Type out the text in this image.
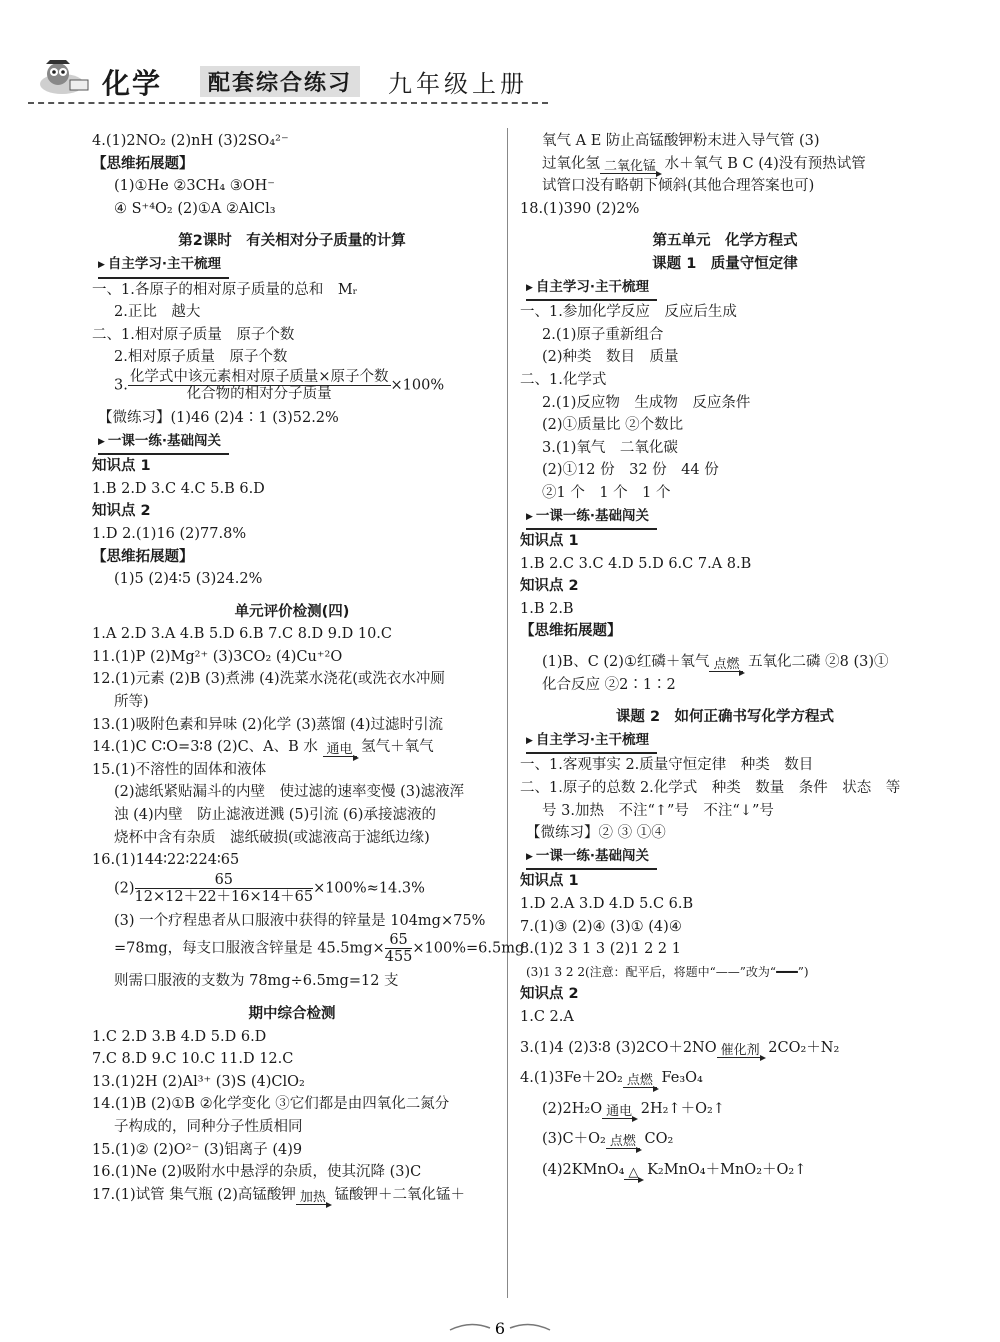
化学	配套综合练习	九年级上册
4.(1)2NO₂ (2)nH (3)2SO₄²⁻
【思维拓展题】
(1)①He ②3CH₄ ③OH⁻
④ S⁺⁴O₂ (2)①A ②AlCl₃
第2课时　有关相对分子质量的计算
▶ 自主学习·主干梳理
一、1.各原子的相对原子质量的总和　Mᵣ
2.正比　越大
二、1.相对原子质量　原子个数
2.相对原子质量　原子个数
3. $\frac{\text{化学式中该元素相对原子质量×原子个数}}{\text{化合物的相对分子质量}} \times 100\%$
【微练习】(1)46 (2)4∶1 (3)52.2%
▶ 一课一练·基础闯关
知识点 1
1.B 2.D 3.C 4.C 5.B 6.D
知识点 2
1.D 2.(1)16 (2)77.8%
【思维拓展题】
(1)5 (2)4∶5 (3)24.2%
单元评价检测(四)
1.A 2.D 3.A 4.B 5.D 6.B 7.C 8.D 9.D 10.C
11.(1)P (2)Mg²⁺ (3)3CO₂ (4)Cu⁺²O
12.(1)元素 (2)B (3)煮沸 (4)洗菜水浇花(或洗衣水冲厕
所等)
13.(1)吸附色素和异味 (2)化学 (3)蒸馏 (4)过滤时引流
14.(1)C C∶O=3∶8 (2)C、A、B 水 通电 氢气＋氧气
15.(1)不溶性的固体和液体
(2)滤纸紧贴漏斗的内壁　使过滤的速率变慢 (3)滤液浑
浊 (4)内壁　防止滤液迸溅 (5)引流 (6)承接滤液的
烧杯中含有杂质　滤纸破损(或滤液高于滤纸边缘)
16.(1)144∶22∶224∶65
$(2) \frac{65}{12\times 12+22+16\times 14+65} \times 100\%\approx 14.3\%$
(3) 一个疗程患者从口服液中获得的锌量是 104mg×75%
=78mg，每支口服液含锌量是 $45.5mg\times \frac{65}{455} \times 100\%=6.5mg$
则需口服液的支数为 78mg÷6.5mg=12 支
期中综合检测
1.C 2.D 3.B 4.D 5.D 6.D
7.C 8.D 9.C 10.C 11.D 12.C
13.(1)2H (2)Al³⁺ (3)S (4)ClO₂
14.(1)B (2)①B ②化学变化 ③它们都是由四氧化二氮分
子构成的，同种分子性质相同
15.(1)② (2)O²⁻ (3)铝离子 (4)9
16.(1)Ne (2)吸附水中悬浮的杂质，使其沉降 (3)C
17.(1)试管 集气瓶 (2)高锰酸钾 加热 锰酸钾＋二氧化锰＋
氧气 A E 防止高锰酸钾粉末进入导气管 (3)
过氧化氢 二氧化锰 水＋氧气 B C (4)没有预热试管
试管口没有略朝下倾斜(其他合理答案也可)
18.(1)390 (2)2%
第五单元　化学方程式
课题 1　质量守恒定律
▶ 自主学习·主干梳理
一、1.参加化学反应　反应后生成
2.(1)原子重新组合
(2)种类　数目　质量
二、1.化学式
2.(1)反应物　生成物　反应条件
(2)①质量比 ②个数比
3.(1)氧气　二氧化碳
(2)①12 份　32 份　44 份
②1 个　1 个　1 个
▶ 一课一练·基础闯关
知识点 1
1.B 2.C 3.C 4.D 5.D 6.C 7.A 8.B
知识点 2
1.B 2.B
【思维拓展题】
(1)B、C (2)①红磷＋氧气 点燃 五氧化二磷 ②8 (3)①
化合反应 ②2∶1∶2
课题 2　如何正确书写化学方程式
▶ 自主学习·主干梳理
一、1.客观事实 2.质量守恒定律　种类　数目
二、1.原子的总数 2.化学式　种类　数量　条件　状态　等
号 3.加热　不注“↑”号　不注“↓”号
【微练习】② ③ ①④
▶ 一课一练·基础闯关
知识点 1
1.D 2.A 3.D 4.D 5.C 6.B
7.(1)③ (2)④ (3)① (4)④
8.(1)2 3 1 3 (2)1 2 2 1
(3)1 3 2 2(注意：配平后，将题中“——”改为“━━━”)
知识点 2
1.C 2.A
3.(1)4 (2)3∶8 (3)2CO＋2NO 催化剂 2CO₂＋N₂
4.(1)3Fe＋2O₂ 点燃 Fe₃O₄
(2)2H₂O 通电 2H₂↑＋O₂↑
(3)C＋O₂ 点燃 CO₂
(4)2KMnO₄ △ K₂MnO₄＋MnO₂＋O₂↑
6
